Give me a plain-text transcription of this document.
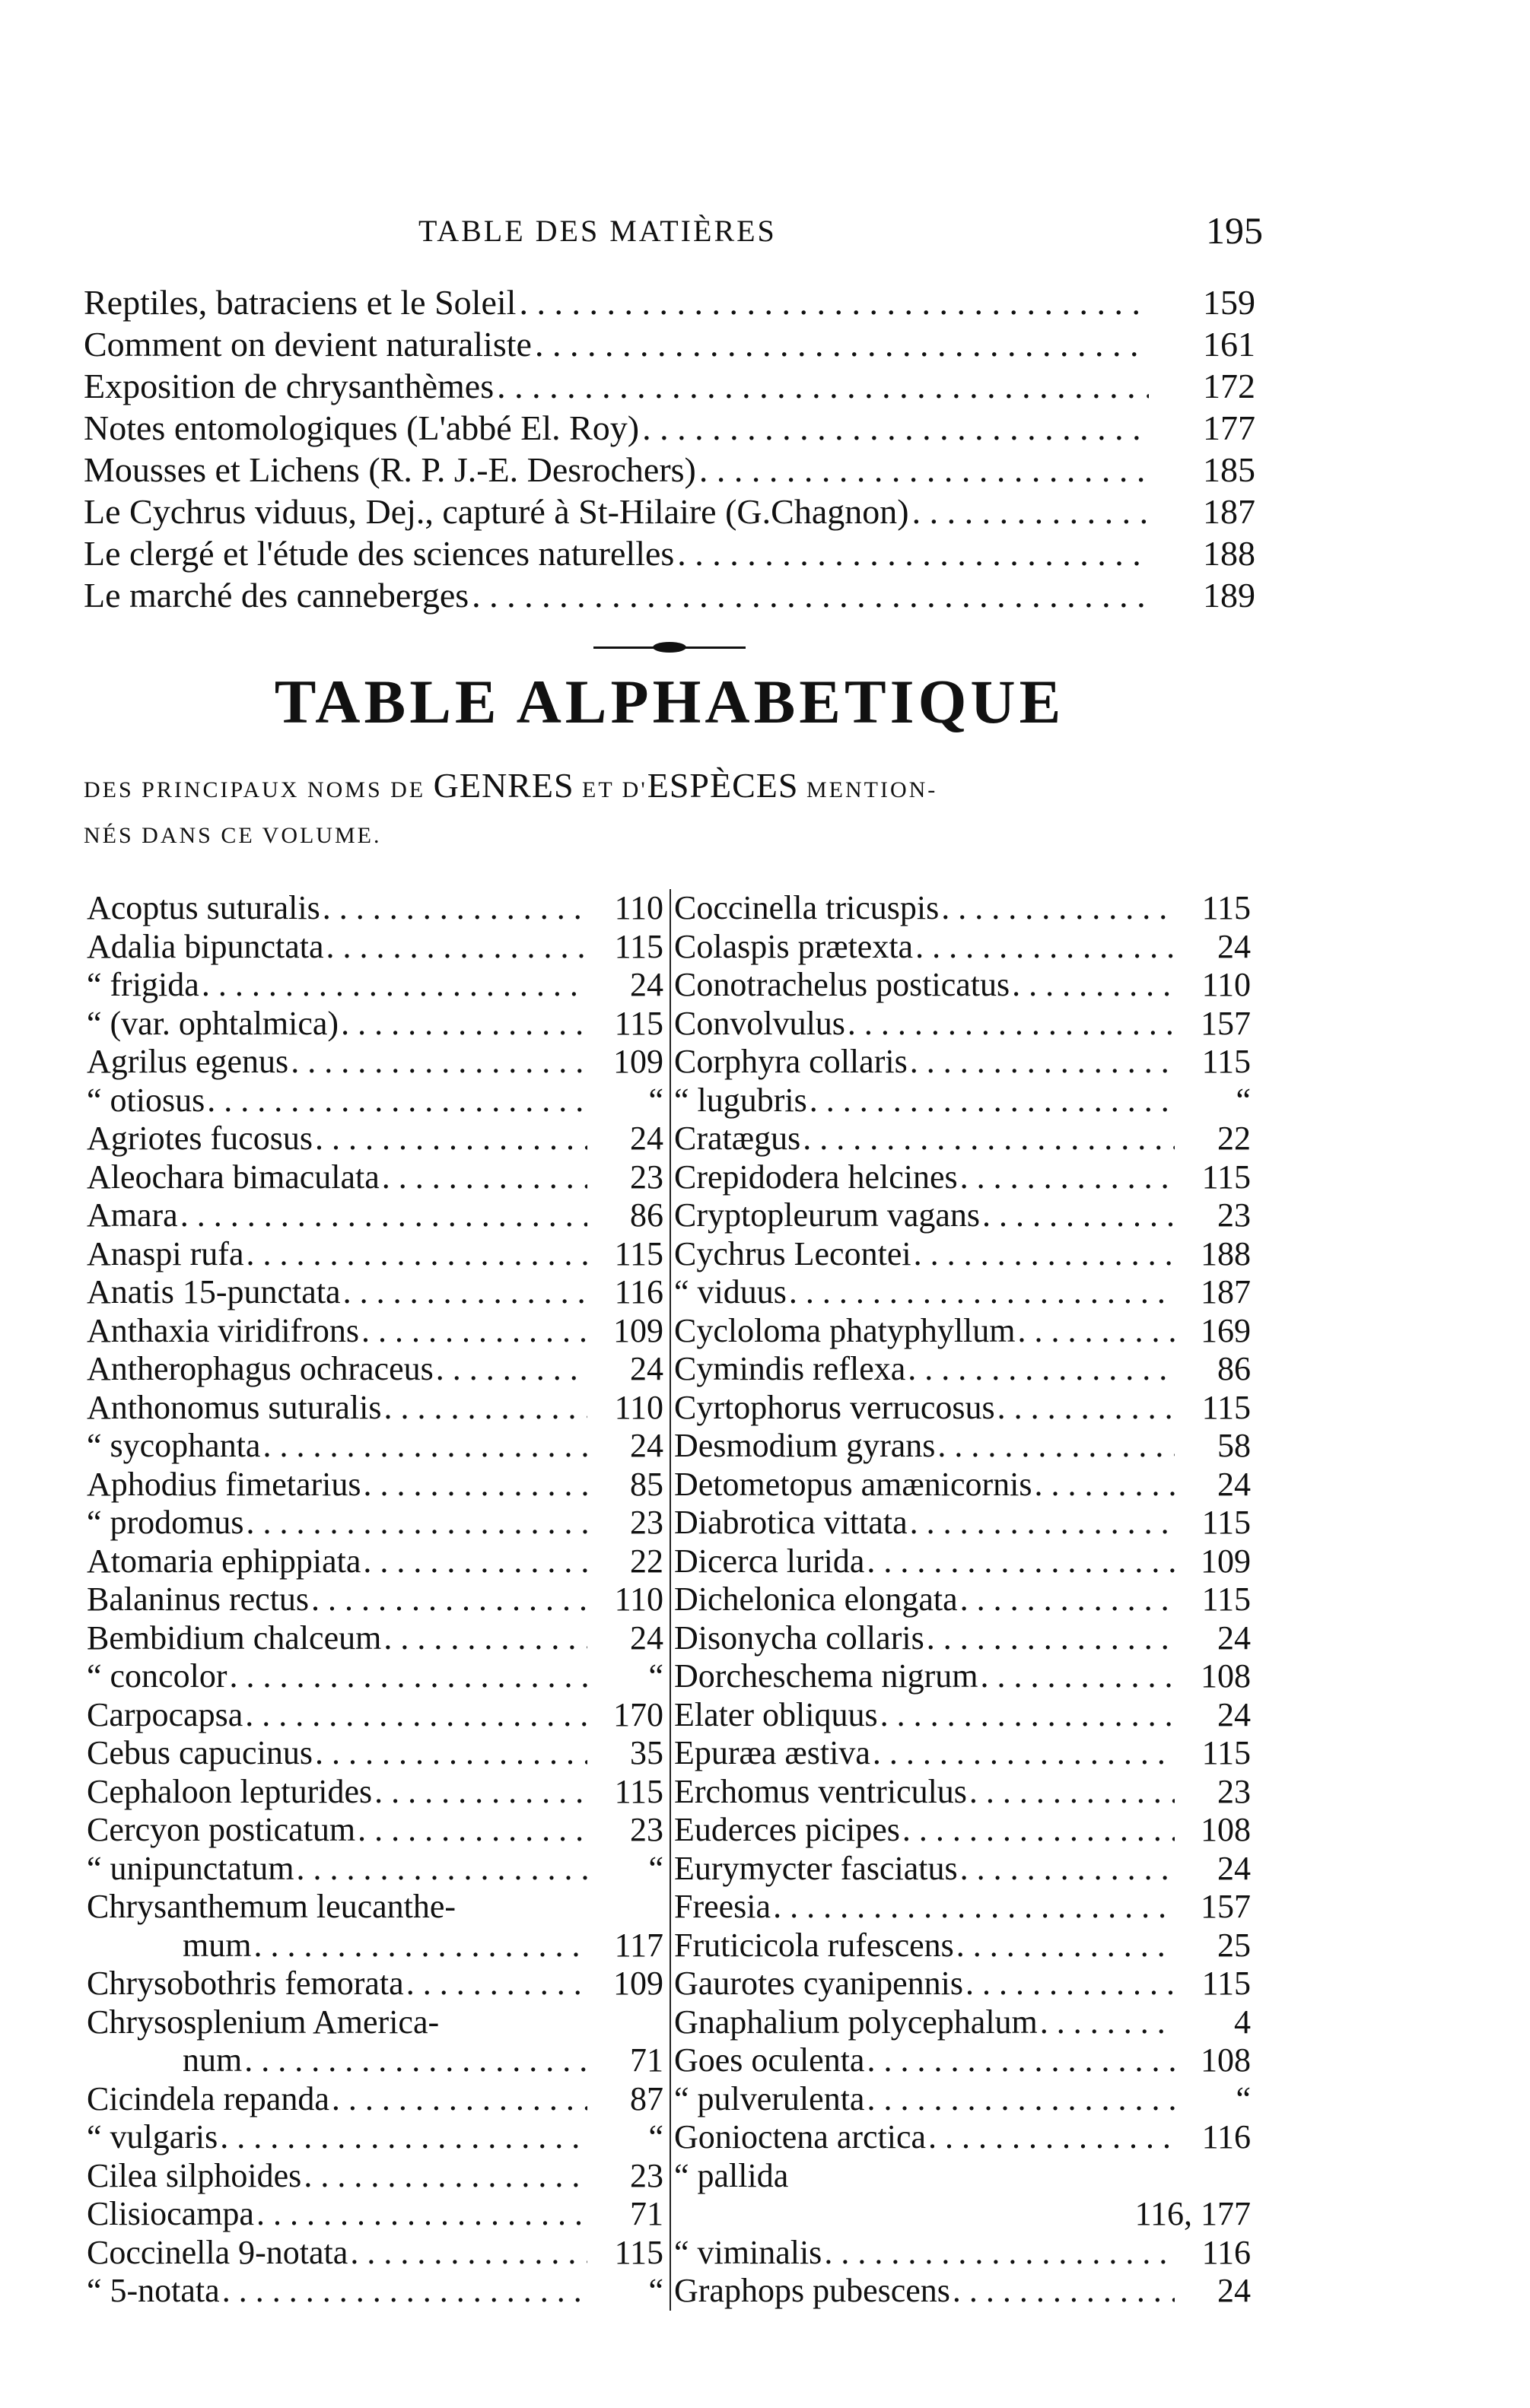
TABLE DES MATIÈRES	195
Reptiles, batraciens et le Soleil . . .	159
Comment on devient naturaliste . . .	161
Exposition de chrysanthèmes . . .	172
Notes entomologiques (L'abbé El. Roy) . . .	177
Mousses et Lichens (R. P. J.-E. Desrochers) . . .	185
Le Cychrus viduus, Dej., capturé à St-Hilaire (G.Chagnon) . . .	187
Le clergé et l'étude des sciences naturelles . . .	188
Le marché des canneberges . . .	189
TABLE ALPHABETIQUE
DES PRINCIPAUX NOMS DE GENRES ET D'ESPÈCES MENTION-
NÉS DANS CE VOLUME.
Acoptus suturalis . . .	110
Adalia bipunctata . . .	115
“ frigida . . .	24
“ (var. ophtalmica) . . .	115
Agrilus egenus . . .	109
“ otiosus . . .	“
Agriotes fucosus . . .	24
Aleochara bimaculata . . .	23
Amara . . .	86
Anaspi rufa . . .	115
Anatis 15-punctata . . .	116
Anthaxia viridifrons . . .	109
Antherophagus ochraceus . . .	24
Anthonomus suturalis . . .	110
“ sycophanta . . .	24
Aphodius fimetarius . . .	85
“ prodomus . . .	23
Atomaria ephippiata . . .	22
Balaninus rectus . . .	110
Bembidium chalceum . . .	24
“ concolor . . .	“
Carpocapsa . . .	170
Cebus capucinus . . .	35
Cephaloon lepturides . . .	115
Cercyon posticatum . . .	23
“ unipunctatum . . .	“
Chrysanthemum leucanthe-
mum . . .	117
Chrysobothris femorata . . .	109
Chrysosplenium America-
num . . .	71
Cicindela repanda . . .	87
“ vulgaris . . .	“
Cilea silphoides . . .	23
Clisiocampa . . .	71
Coccinella 9-notata . . .	115
“ 5-notata . . .	“
Coccinella tricuspis . . .	115
Colaspis prætexta . . .	24
Conotrachelus posticatus . . .	110
Convolvulus . . .	157
Corphyra collaris . . .	115
“ lugubris . . .	“
Cratægus . . .	22
Crepidodera helcines . . .	115
Cryptopleurum vagans . . .	23
Cychrus Lecontei . . .	188
“ viduus . . .	187
Cycloloma phatyphyllum . . .	169
Cymindis reflexa . . .	86
Cyrtophorus verrucosus . . .	115
Desmodium gyrans . . .	58
Detometopus amænicornis . . .	24
Diabrotica vittata . . .	115
Dicerca lurida . . .	109
Dichelonica elongata . . .	115
Disonycha collaris . . .	24
Dorcheschema nigrum . . .	108
Elater obliquus . . .	24
Epuræa æstiva . . .	115
Erchomus ventriculus . . .	23
Euderces picipes . . .	108
Eurymycter fasciatus . . .	24
Freesia . . .	157
Fruticicola rufescens . . .	25
Gaurotes cyanipennis . . .	115
Gnaphalium polycephalum . . .	4
Goes oculenta . . .	108
“ pulverulenta . . .	“
Gonioctena arctica . . .	116
“ pallida
116, 177
“ viminalis . . .	116
Graphops pubescens . . .	24
